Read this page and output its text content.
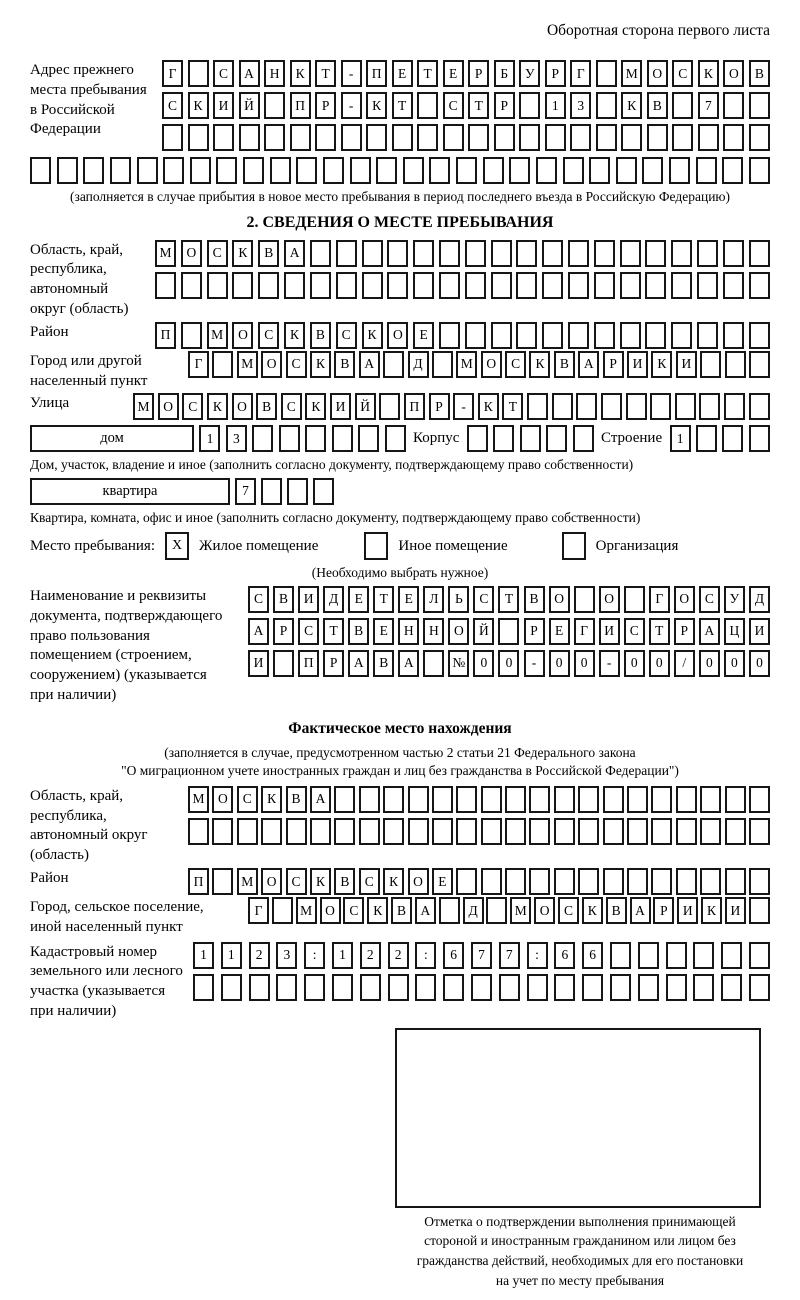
Оборотная сторона первого листа
Адрес прежнего
места пребывания
в Российской
Федерации
Г	С	А	Н	К	Т	-	П	Е	Т	Е	Р	Б	У	Р	Г	М	О	С	К	О	В
С	К	И	Й	П	Р	-	К	Т	С	Т	Р	1	3	К	В	7
(заполняется в случае прибытия в новое место пребывания в период последнего въезда в Российскую Федерацию)
2. СВЕДЕНИЯ О МЕСТЕ ПРЕБЫВАНИЯ
Область, край,
республика,
автономный
округ (область)
М	О	С	К	В	А
Район	П	М	О	С	К	В	С	К	О	Е
Город или другой
населенный пункт
Г	М	О	С	К	В	А	Д	М	О	С	К	В	А	Р	И	К	И
Улица	М	О	С	К	О	В	С	К	И	Й	П	Р	-	К	Т
дом	1	3	Корпус	Строение	1
Дом, участок, владение и иное (заполнить согласно документу, подтверждающему право собственности)
квартира	7
Квартира, комната, офис и иное (заполнить согласно документу, подтверждающему право собственности)
Место пребывания:	X	Жилое помещение	Иное помещение	Организация
(Необходимо выбрать нужное)
Наименование и реквизиты
документа, подтверждающего
право пользования
помещением (строением,
сооружением) (указывается
при наличии)
С	В	И	Д	Е	Т	Е	Л	Ь	С	Т	В	О	О	Г	О	С	У	Д
А	Р	С	Т	В	Е	Н	Н	О	Й	Р	Е	Г	И	С	Т	Р	А	Ц	И
И	П	Р	А	В	А	№	0	0	-	0	0	-	0	0	/	0	0	0
Фактическое место нахождения
(заполняется в случае, предусмотренном частью 2 статьи 21 Федерального закона
"О миграционном учете иностранных граждан и лиц без гражданства в Российской Федерации")
Область, край,
республика,
автономный округ
(область)
М	О	С	К	В	А
Район	П	М	О	С	К	В	С	К	О	Е
Город, сельское поселение,
иной населенный пункт
Г	М О	С	К	В	А	Д	М О	С	К	В	А	Р	И	К	И
Кадастровый номер
земельного или лесного
участка (указывается
при наличии)
1	1	2	3	:	1	2	2	:	6	7	7	:	6	6
Отметка о подтверждении выполнения принимающей
стороной и иностранным гражданином или лицом без
гражданства действий, необходимых для его постановки
на учет по месту пребывания
